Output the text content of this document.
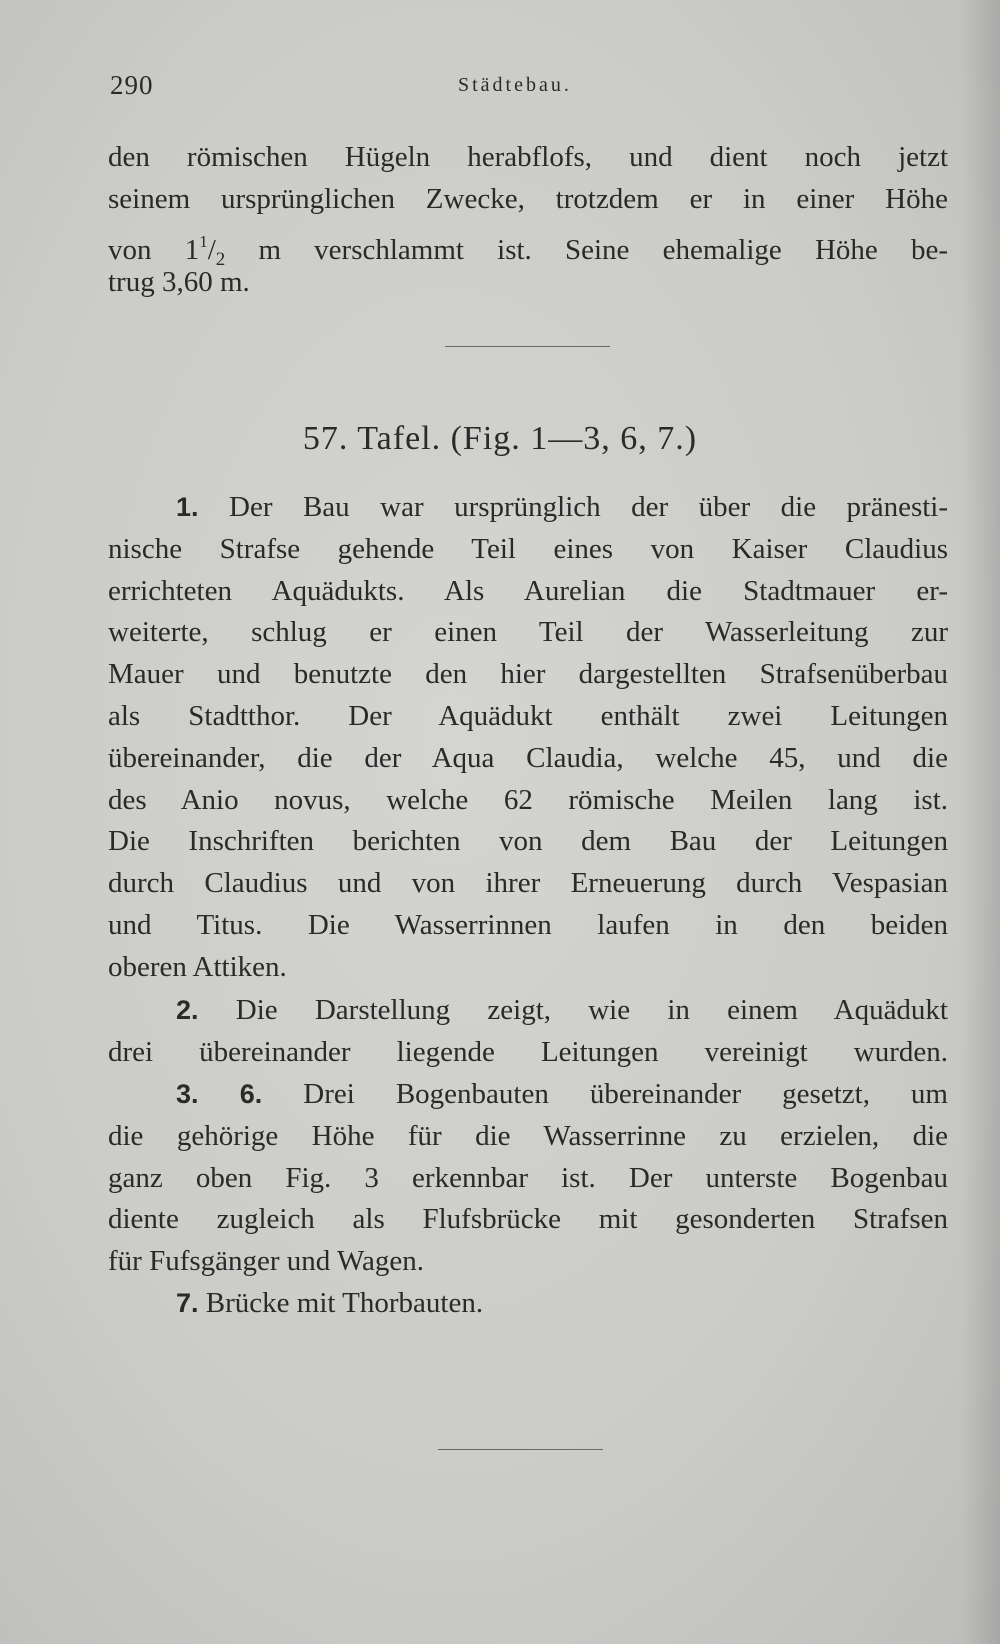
290	Städtebau.
den römischen Hügeln herabflofs, und dient noch jetzt
seinem ursprünglichen Zwecke, trotzdem er in einer Höhe
von $1^1/_2$ m verschlammt ist. Seine ehemalige Höhe be-
trug 3,60 m.
57. Tafel. (Fig. 1—3, 6, 7.)
1. Der Bau war ursprünglich der über die pränesti-
nische Strafse gehende Teil eines von Kaiser Claudius
errichteten Aquädukts. Als Aurelian die Stadtmauer er-
weiterte, schlug er einen Teil der Wasserleitung zur
Mauer und benutzte den hier dargestellten Strafsenüberbau
als Stadtthor. Der Aquädukt enthält zwei Leitungen
übereinander, die der Aqua Claudia, welche 45, und die
des Anio novus, welche 62 römische Meilen lang ist.
Die Inschriften berichten von dem Bau der Leitungen
durch Claudius und von ihrer Erneuerung durch Vespasian
und Titus. Die Wasserrinnen laufen in den beiden
oberen Attiken.
2. Die Darstellung zeigt, wie in einem Aquädukt
drei übereinander liegende Leitungen vereinigt wurden.
3. 6. Drei Bogenbauten übereinander gesetzt, um
die gehörige Höhe für die Wasserrinne zu erzielen, die
ganz oben Fig. 3 erkennbar ist. Der unterste Bogenbau
diente zugleich als Flufsbrücke mit gesonderten Strafsen
für Fufsgänger und Wagen.
7. Brücke mit Thorbauten.
